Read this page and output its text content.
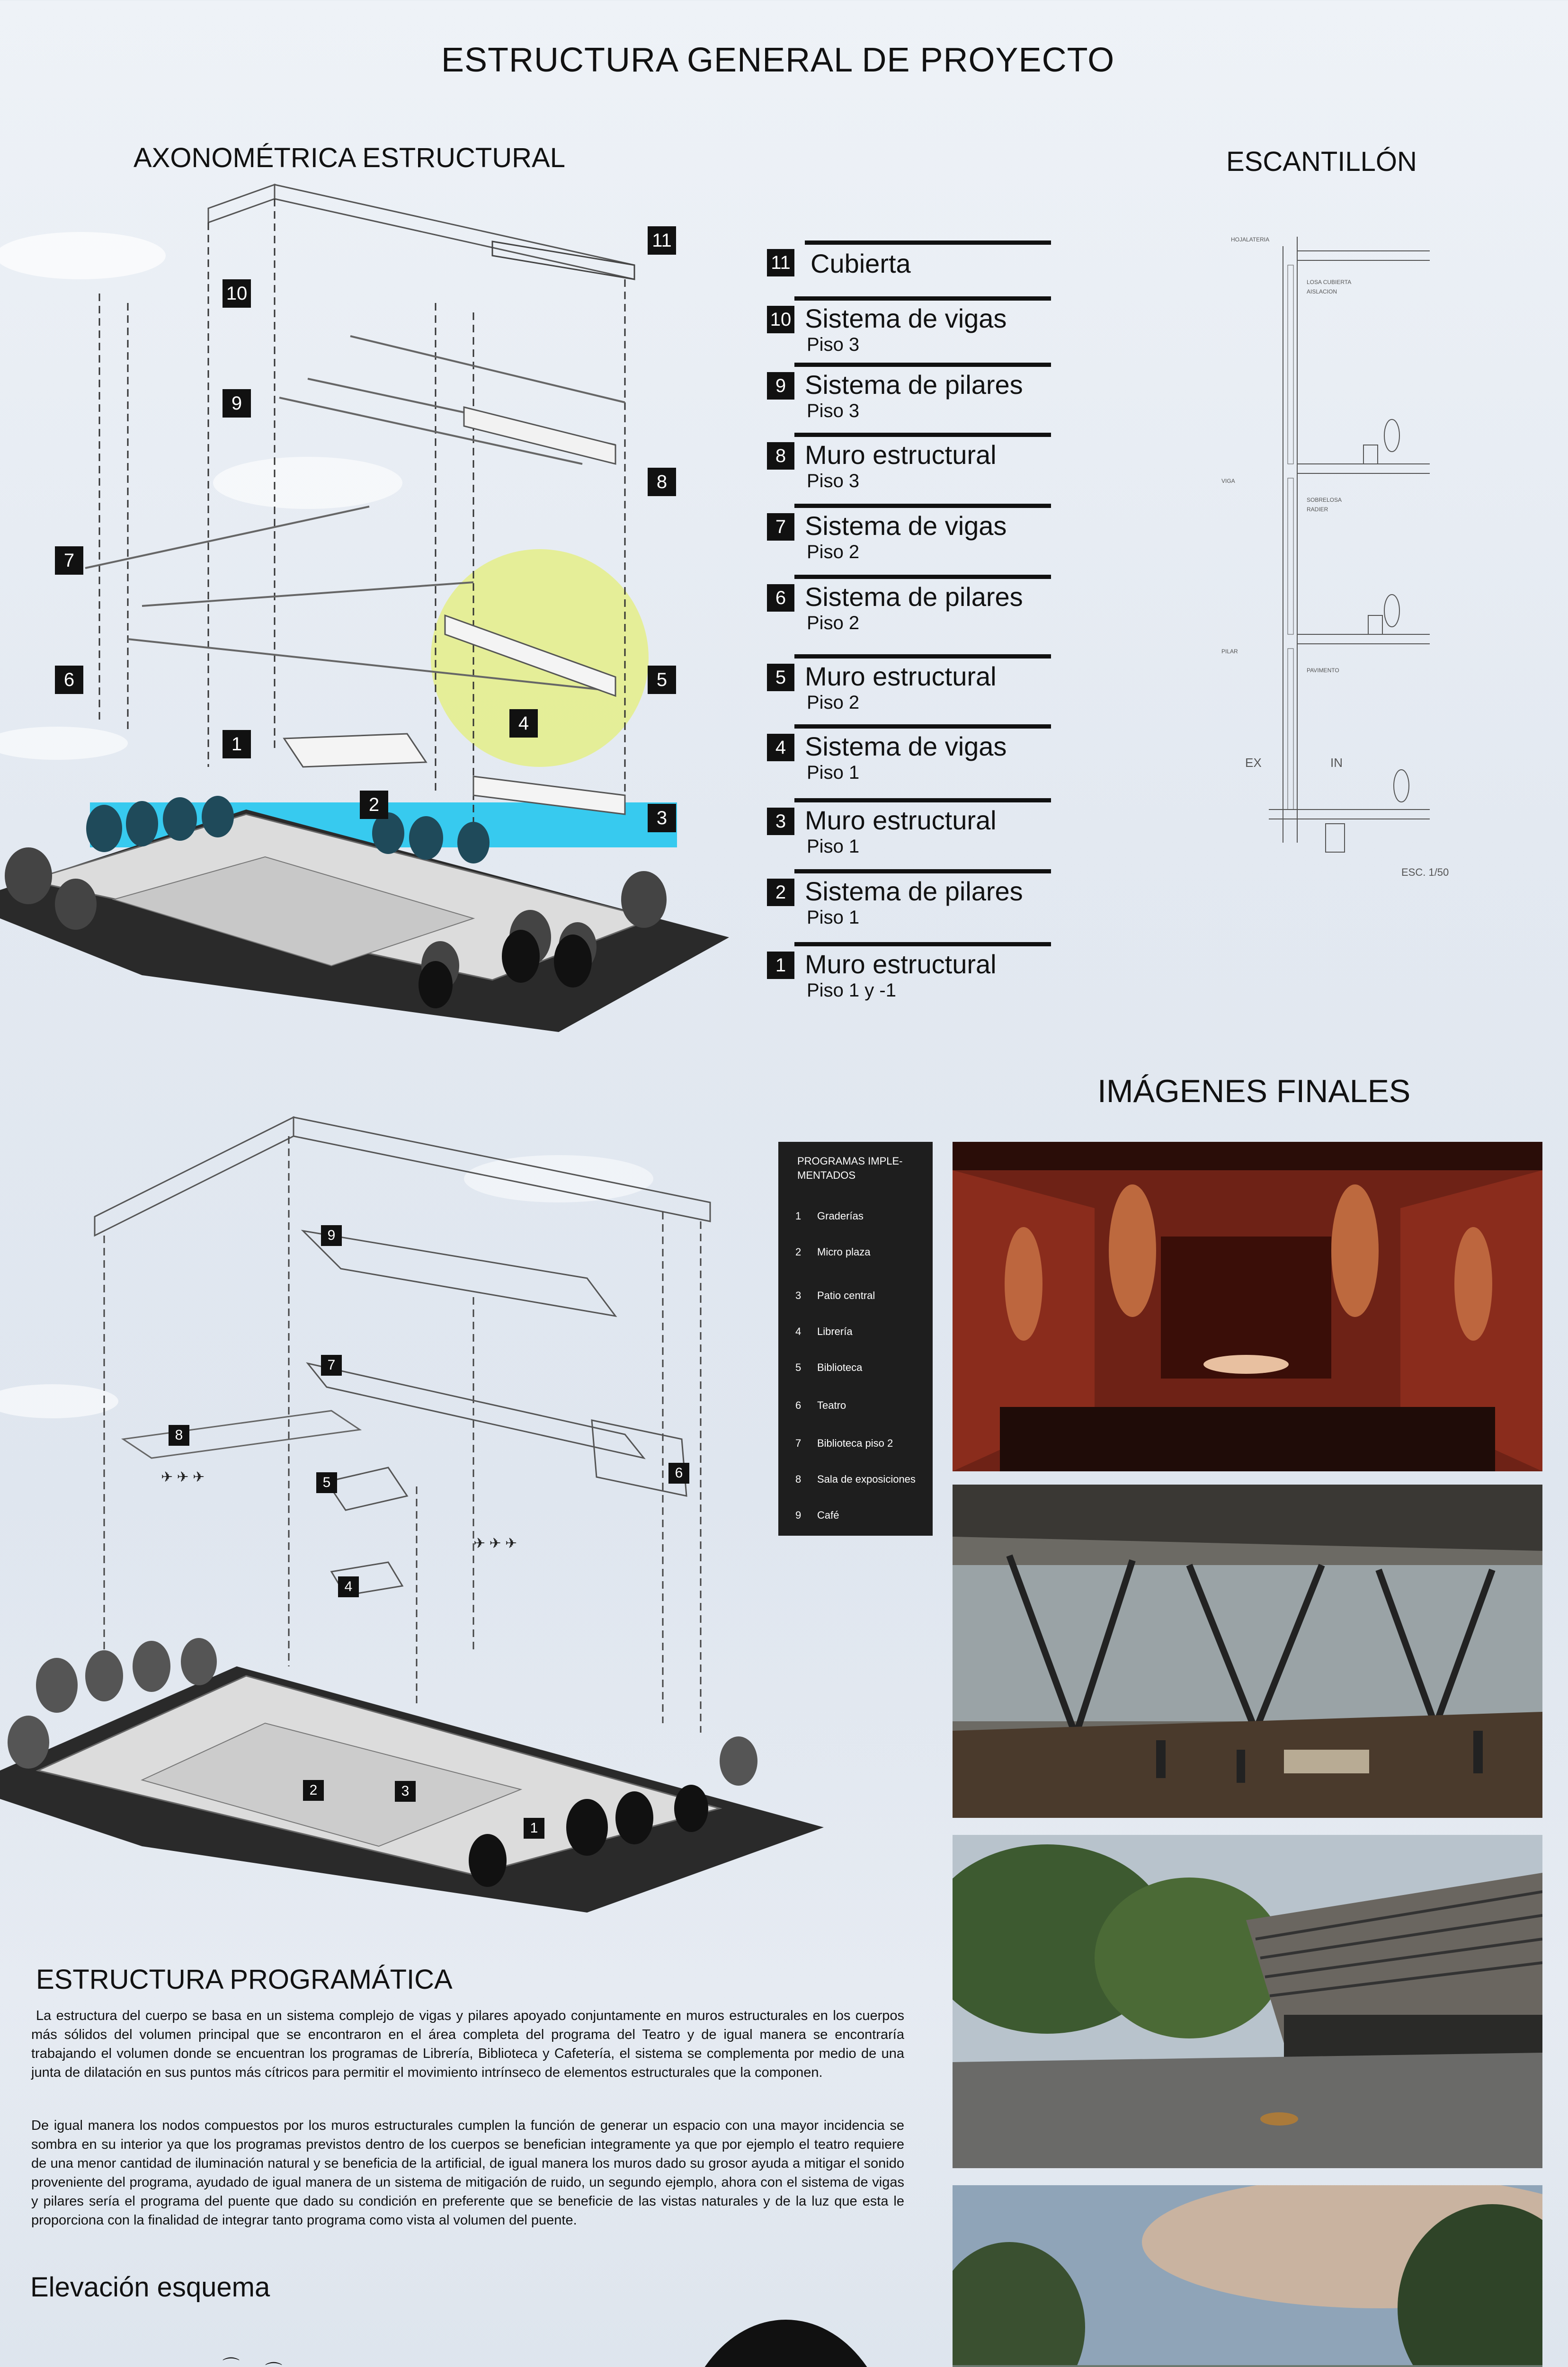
ESTRUCTURA GENERAL DE PROYECTO
AXONOMÉTRICA ESTRUCTURAL
11
10
9
8
7
6	5
4
3
2
1
11 Cubierta
10 Sistema de vigas
Piso 3
9 Sistema de pilares
Piso 3
8 Muro estructural
Piso 3
7 Sistema de vigas
Piso 2
6 Sistema de pilares
Piso 2
5 Muro estructural
Piso 2
4 Sistema de vigas
Piso 1
3 Muro estructural
Piso 1
2 Sistema de pilares
Piso 1
1 Muro estructural
Piso 1 y -1
ESCANTILLÓN
HOJALATERIA
EX	IN
ESC. 1/50
LOSA CUBIERTA
AISLACION
SOBRELOSA
RADIER
PAVIMENTO
VIGA
PILAR
✈ ✈ ✈
✈ ✈ ✈
9
7
8
5
6
4
2	3
1
IMÁGENES FINALES
PROGRAMAS IMPLE-
MENTADOS
1 Graderías
2 Micro plaza
3 Patio central
4 Librería
5 Biblioteca
6 Teatro
7 Biblioteca piso 2
8 Sala de exposiciones
9 Café
ESTRUCTURA PROGRAMÁTICA
La estructura del cuerpo se basa en un sistema complejo de vigas y pilares apoyado conjuntamente en muros estructurales en los cuerpos más sólidos del volumen principal que se encontraron en el área completa del programa del Teatro y de igual manera se encontraría trabajando el volumen donde se encuentran los programas de Librería, Biblioteca y Cafetería, el sistema se complementa por medio de una junta de dilatación en sus puntos más cítricos para permitir el movimiento intrínseco de elementos estructurales que la componen.
De igual manera los nodos compuestos por los muros estructurales cumplen la función de generar un espacio con una mayor incidencia se sombra en su interior ya que los programas previstos dentro de los cuerpos se benefician integramente ya que por ejemplo el teatro requiere de una menor cantidad de iluminación natural y se beneficia de la artificial, de igual manera los muros dado su grosor ayuda a mitigar el sonido proveniente del programa, ayudado de igual manera de un sistema de mitigación de ruido, un segundo ejemplo, ahora con el sistema de vigas y pilares sería el programa del puente que dado su condición en preferente que se beneficie de las vistas naturales y de la luz que esta le proporciona con la finalidad de integrar tanto programa como vista al volumen del puente.
Elevación esquema
⌒
